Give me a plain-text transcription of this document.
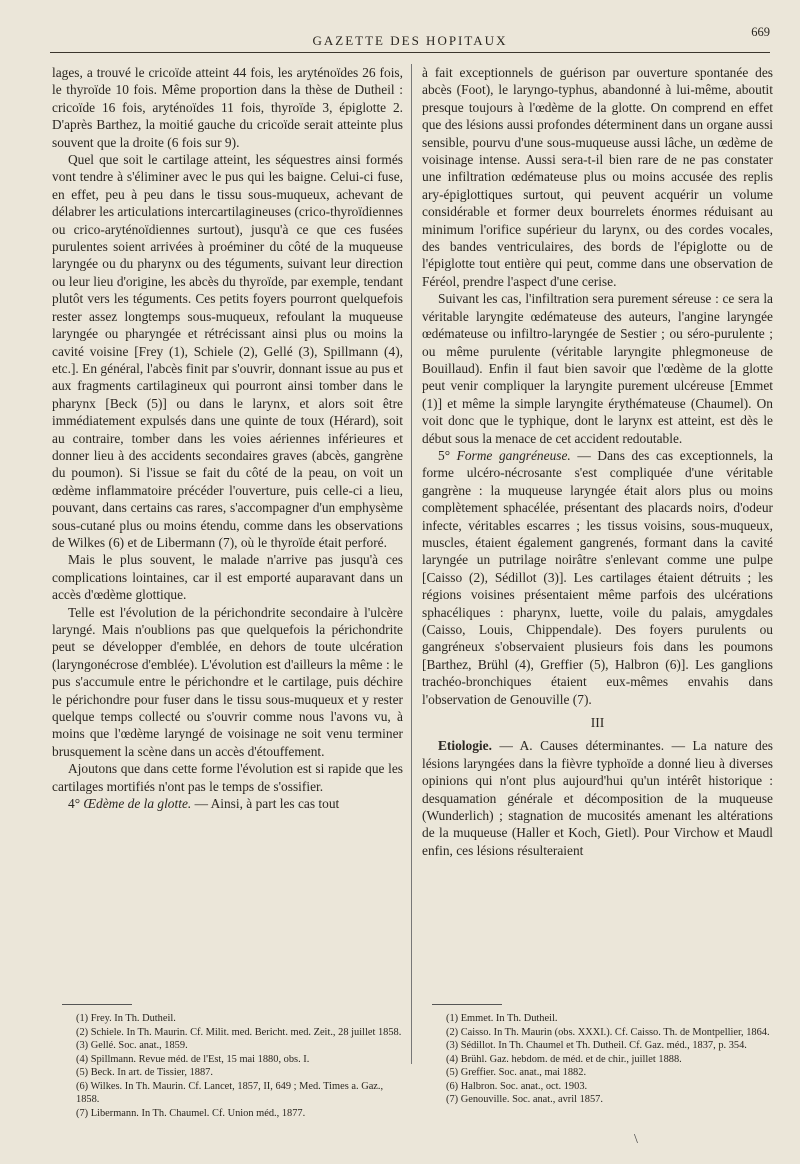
GAZETTE DES HOPITAUX
669

lages, a trouvé le cricoïde atteint 44 fois, les aryténoïdes 26 fois, le thyroïde 10 fois. Même proportion dans la thèse de Dutheil : cricoïde 16 fois, aryténoïdes 11 fois, thyroïde 3, épiglotte 2. D'après Barthez, la moitié gauche du cricoïde serait atteinte plus souvent que la droite (6 fois sur 9).

Quel que soit le cartilage atteint, les séquestres ainsi formés vont tendre à s'éliminer avec le pus qui les baigne. Celui-ci fuse, en effet, peu à peu dans le tissu sous-muqueux, achevant de délabrer les articulations intercartilagineuses (crico-thyroïdiennes ou crico-aryténoïdiennes surtout), jusqu'à ce que ces fusées purulentes soient arrivées à proéminer du côté de la muqueuse laryngée ou du pharynx ou des téguments, suivant leur direction ou leur lieu d'origine, les abcès du thyroïde, par exemple, tendant plutôt vers les téguments. Ces petits foyers pourront quelquefois rester assez longtemps sous-muqueux, refoulant la muqueuse laryngée ou pharyngée et rétrécissant ainsi plus ou moins la cavité voisine [Frey (1), Schiele (2), Gellé (3), Spillmann (4), etc.]. En général, l'abcès finit par s'ouvrir, donnant issue au pus et aux fragments cartilagineux qui pourront ainsi tomber dans le pharynx [Beck (5)] ou dans le larynx, et alors soit être immédiatement expulsés dans une quinte de toux (Hérard), soit au contraire, tomber dans les voies aériennes inférieures et donner lieu à des accidents secondaires graves (abcès, gangrène du poumon). Si l'issue se fait du côté de la peau, on voit un œdème inflammatoire précéder l'ouverture, puis celle-ci a lieu, pouvant, dans certains cas rares, s'accompagner d'un emphysème sous-cutané plus ou moins étendu, comme dans les observations de Wilkes (6) et de Libermann (7), où le thyroïde était perforé.

Mais le plus souvent, le malade n'arrive pas jusqu'à ces complications lointaines, car il est emporté auparavant dans un accès d'œdème glottique.

Telle est l'évolution de la périchondrite secondaire à l'ulcère laryngé. Mais n'oublions pas que quelquefois la périchondrite peut se développer d'emblée, en dehors de toute ulcération (laryngonécrose d'emblée). L'évolution est d'ailleurs la même : le pus s'accumule entre le périchondre et le cartilage, puis déchire le périchondre pour fuser dans le tissu sous-muqueux et y rester quelque temps collecté ou s'ouvrir comme nous l'avons vu, à moins que l'œdème laryngé de voisinage ne soit venu terminer brusquement la scène dans un accès d'étouffement.

Ajoutons que dans cette forme l'évolution est si rapide que les cartilages mortifiés n'ont pas le temps de s'ossifier.

4° Œdème de la glotte. — Ainsi, à part les cas tout

à fait exceptionnels de guérison par ouverture spontanée des abcès (Foot), le laryngo-typhus, abandonné à lui-même, aboutit presque toujours à l'œdème de la glotte. On comprend en effet que des lésions aussi profondes déterminent dans un organe aussi sensible, pourvu d'une sous-muqueuse aussi lâche, un œdème de voisinage intense. Aussi sera-t-il bien rare de ne pas constater une infiltration œdémateuse plus ou moins accusée des replis ary-épiglottiques surtout, qui peuvent acquérir un volume considérable et former deux bourrelets énormes réduisant au minimum l'orifice supérieur du larynx, ou des cordes vocales, des bandes ventriculaires, des bords de l'épiglotte ou de l'épiglotte tout entière qui peut, comme dans une observation de Féréol, prendre l'aspect d'une cerise.

Suivant les cas, l'infiltration sera purement séreuse : ce sera la véritable laryngite œdémateuse des auteurs, l'angine laryngée œdémateuse ou infiltro-laryngée de Sestier ; ou séro-purulente ; ou même purulente (véritable laryngite phlegmoneuse de Bouillaud). Enfin il faut bien savoir que l'œdème de la glotte peut venir compliquer la laryngite purement ulcéreuse [Emmet (1)] et même la simple laryngite érythémateuse (Chaumel). On voit donc que le typhique, dont le larynx est atteint, est dès le début sous la menace de cet accident redoutable.

5° Forme gangréneuse. — Dans des cas exceptionnels, la forme ulcéro-nécrosante s'est compliquée d'une véritable gangrène : la muqueuse laryngée était alors plus ou moins complètement sphacélée, présentant des placards noirs, d'odeur infecte, véritables escarres ; les tissus voisins, sous-muqueux, muscles, étaient également gangrenés, formant dans la cavité laryngée un putrilage noirâtre s'enlevant comme une pulpe [Caisso (2), Sédillot (3)]. Les cartilages étaient détruits ; les régions voisines présentaient même parfois des ulcérations sphacéliques : pharynx, luette, voile du palais, amygdales (Caisso, Louis, Chippendale). Des foyers purulents ou gangréneux s'observaient plusieurs fois dans les poumons [Barthez, Brühl (4), Greffier (5), Halbron (6)]. Les ganglions trachéo-bronchiques étaient eux-mêmes envahis dans l'observation de Genouville (7).

III

Etiologie. — A. Causes déterminantes. — La nature des lésions laryngées dans la fièvre typhoïde a donné lieu à diverses opinions qui n'ont plus aujourd'hui qu'un intérêt historique : desquamation générale et décomposition de la muqueuse (Wunderlich) ; stagnation de mucosités amenant les altérations de la muqueuse (Haller et Koch, Gietl). Pour Virchow et Maudl enfin, ces lésions résulteraient

(1) Frey. In Th. Dutheil.
(2) Schiele. In Th. Maurin. Cf. Milit. med. Bericht. med. Zeit., 28 juillet 1858.
(3) Gellé. Soc. anat., 1859.
(4) Spillmann. Revue méd. de l'Est, 15 mai 1880, obs. I.
(5) Beck. In art. de Tissier, 1887.
(6) Wilkes. In Th. Maurin. Cf. Lancet, 1857, II, 649 ; Med. Times a. Gaz., 1858.
(7) Libermann. In Th. Chaumel. Cf. Union méd., 1877.
(1) Emmet. In Th. Dutheil.
(2) Caisso. In Th. Maurin (obs. XXXI.). Cf. Caisso. Th. de Montpellier, 1864.
(3) Sédillot. In Th. Chaumel et Th. Dutheil. Cf. Gaz. méd., 1837, p. 354.
(4) Brühl. Gaz. hebdom. de méd. et de chir., juillet 1888.
(5) Greffier. Soc. anat., mai 1882.
(6) Halbron. Soc. anat., oct. 1903.
(7) Genouville. Soc. anat., avril 1857.
\
